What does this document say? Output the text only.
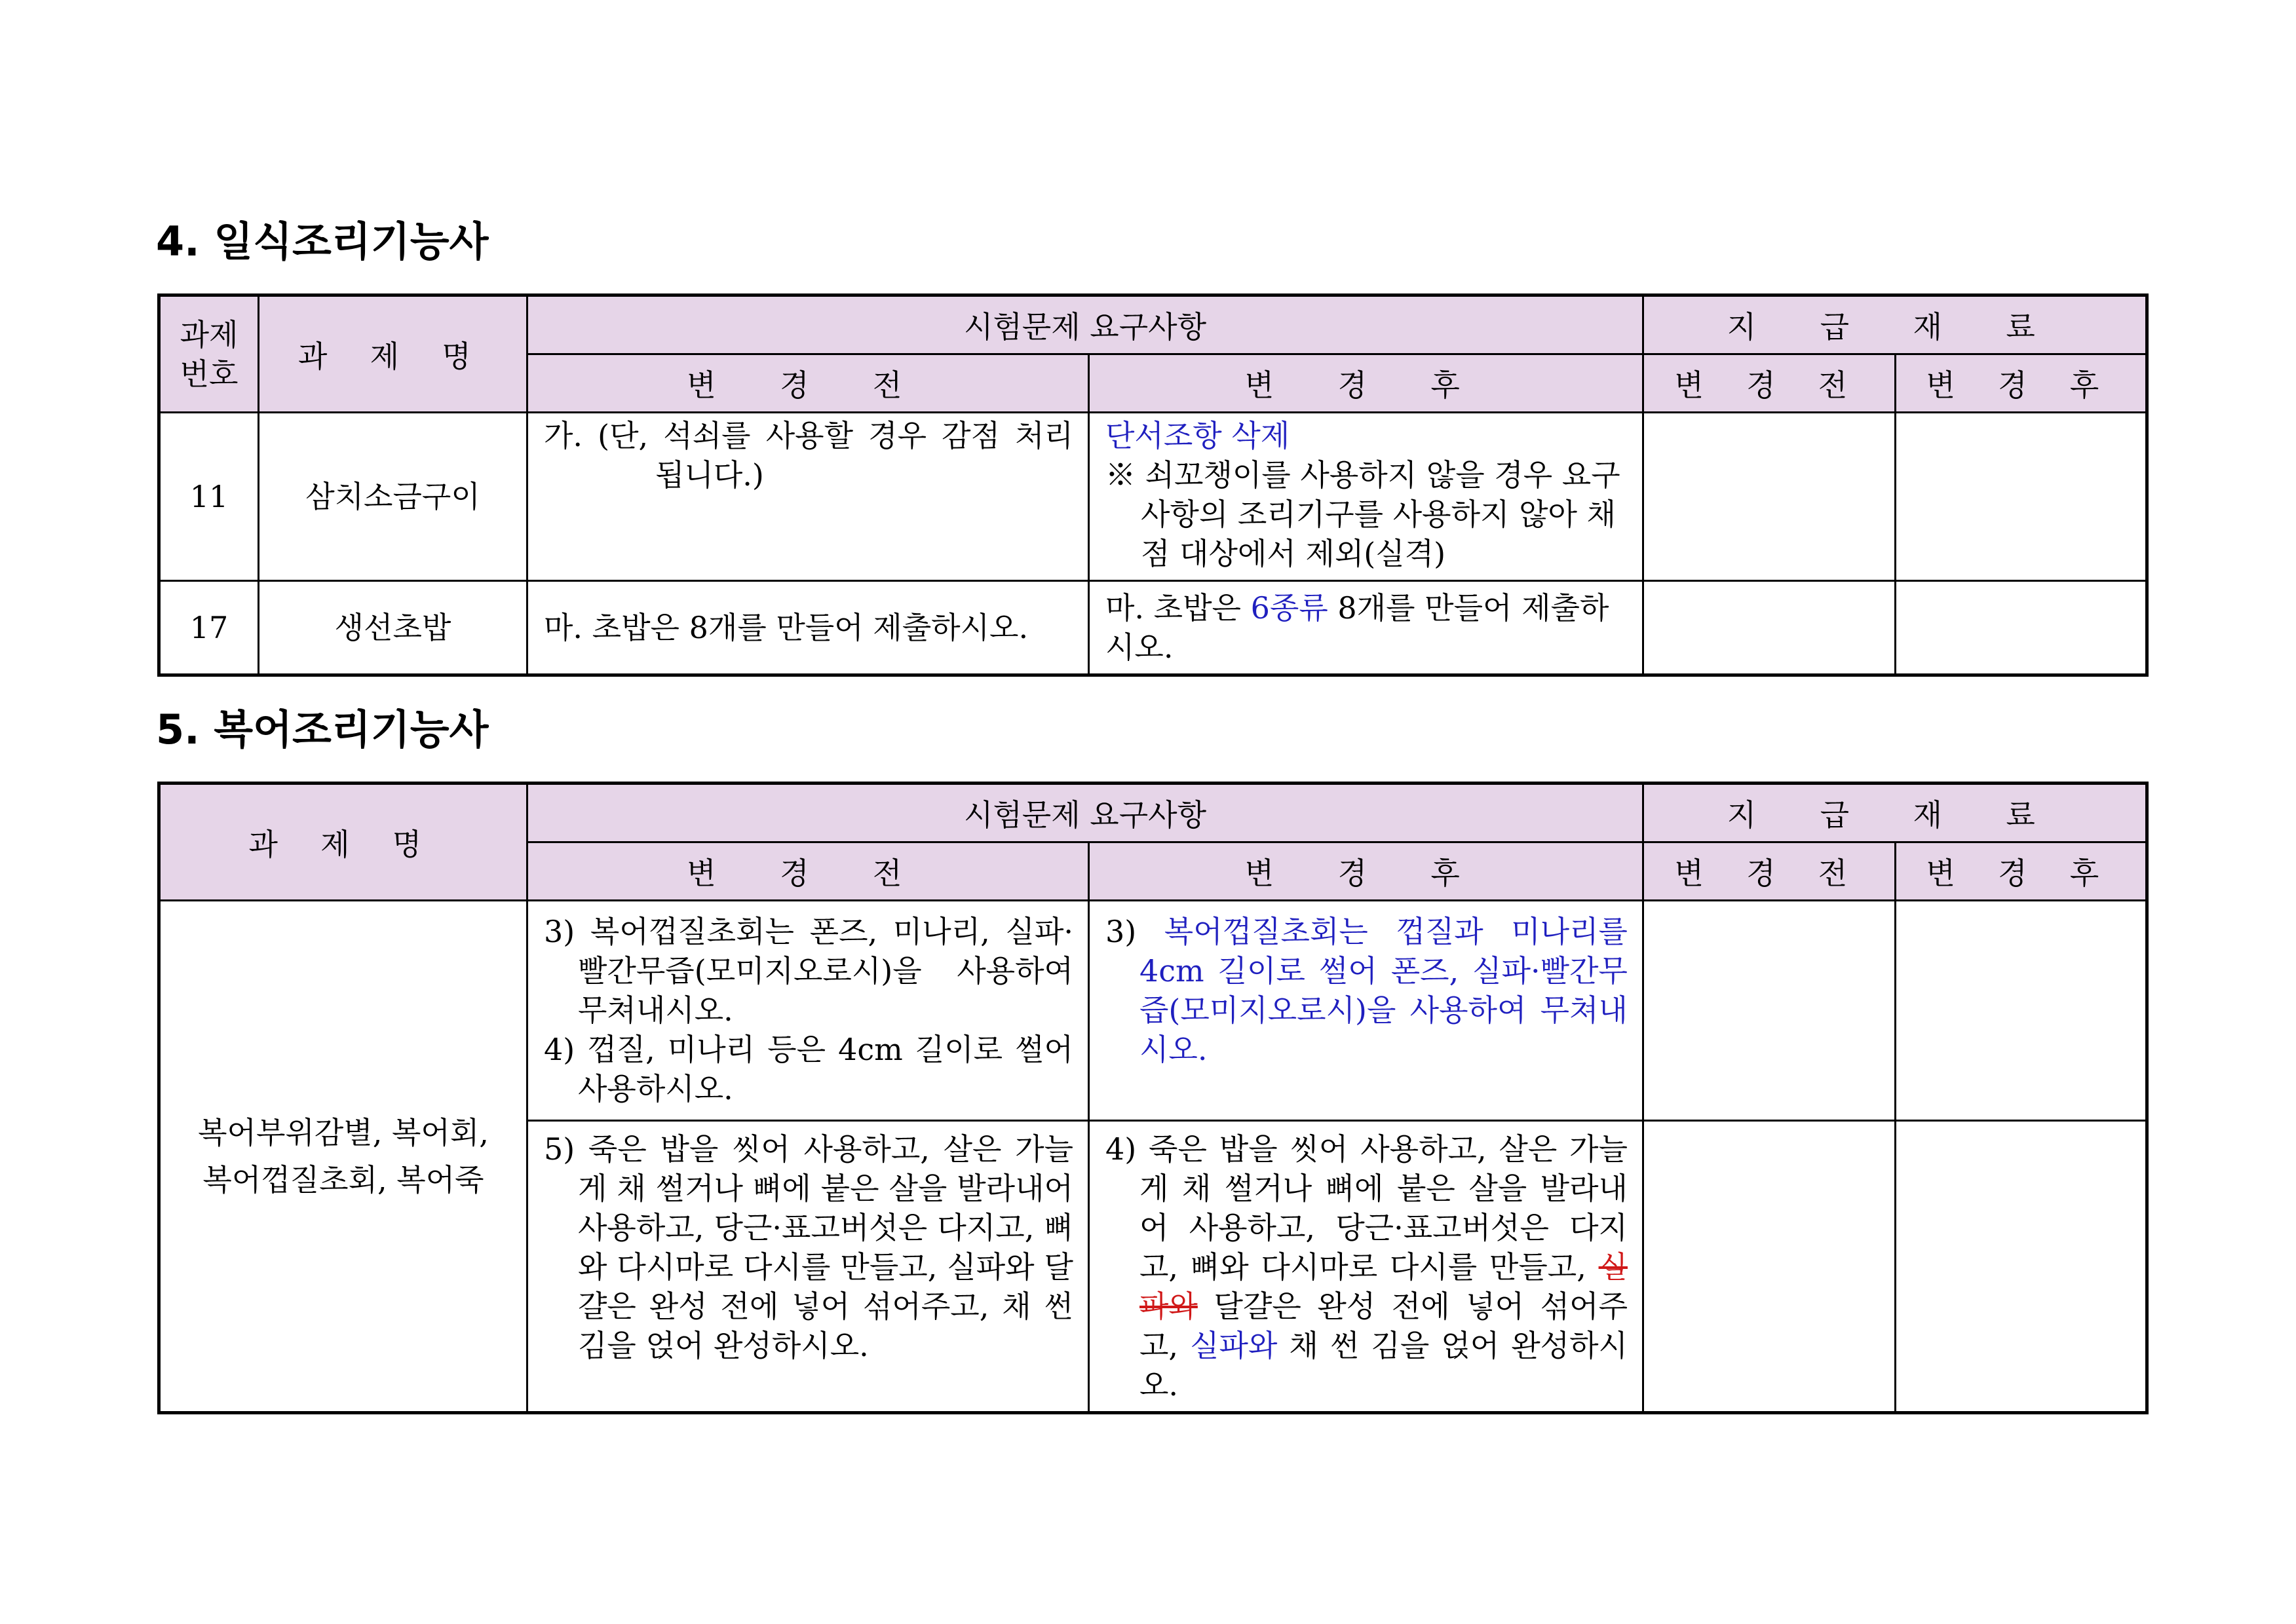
4. 일식조리기능사
과제 번호	과 제 명	시험문제 요구사항		지 급 재 료	
		변 경 전	변 경 후	변 경 전	변 경 후
11	삼치소금구이	가. (단, 석쇠를 사용할 경우 감점 처리 됩니다.)	단서조항 삭제

※ 쇠꼬챙이를 사용하지 않을 경우 요구사항의 조리기구를 사용하지 않아 채점 대상에서 제외(실격)		

17	생선초밥	마. 초밥은 8개를 만들어 제출하시오.	마. 초밥은 6종류 8개를 만들어 제출하시오.		
5. 복어조리기능사
과 제 명	시험문제 요구사항		지 급 재 료	
	변 경 전	변 경 후	변 경 전	변 경 후
복어부위감별, 복어회, 복어껍질초회, 복어죽	3) 복어껍질초회는 폰즈, 미나리, 실파·빨간무즙(모미지오로시)을 사용하여 무쳐내시오.

4) 껍질, 미나리 등은 4cm 길이로 썰어 사용하시오.	3) 복어껍질초회는 껍질과 미나리를 4cm 길이로 썰어 폰즈, 실파·빨간무즙(모미지오로시)을 사용하여 무쳐내시오.		

	5) 죽은 밥을 씻어 사용하고, 살은 가늘게 채 썰거나 뼈에 붙은 살을 발라내어 사용하고, 당근·표고버섯은 다지고, 뼈와 다시마로 다시를 만들고, 실파와 달걀은 완성 전에 넣어 섞어주고, 채 썬 김을 얹어 완성하시오.	4) 죽은 밥을 씻어 사용하고, 살은 가늘게 채 썰거나 뼈에 붙은 살을 발라내어 사용하고, 당근·표고버섯은 다지고, 뼈와 다시마로 다시를 만들고, 실파와 달걀은 완성 전에 넣어 섞어주고, 실파와 채 썬 김을 얹어 완성하시오.		
